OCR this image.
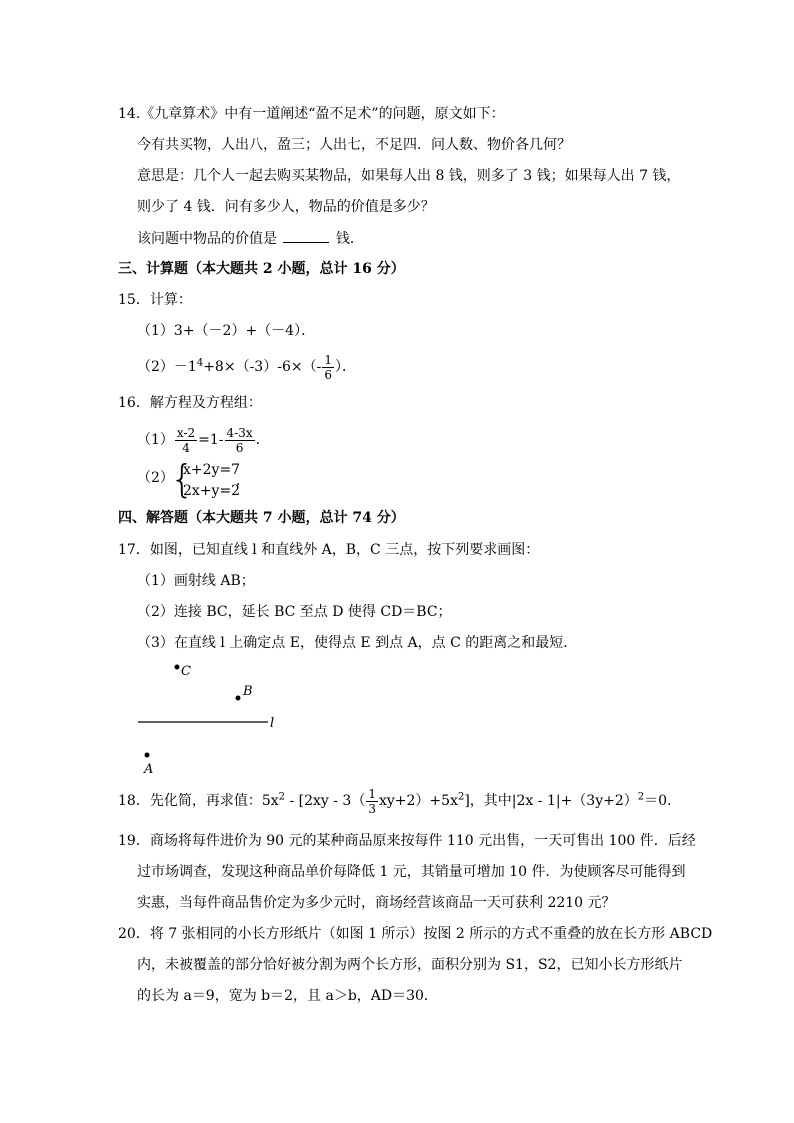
14.《九章算术》中有一道阐述“盈不足术”的问题，原文如下：
今有共买物，人出八，盈三；人出七，不足四．问人数、物价各几何？
意思是：几个人一起去购买某物品，如果每人出 8 钱，则多了 3 钱；如果每人出 7 钱，
则少了 4 钱．问有多少人，物品的价值是多少？
该问题中物品的价值是	钱．
三、计算题（本大题共 2 小题，总计 16 分）
15．计算：
（1）3+（－2）+（－4）．
$(2)-1^4+8\times(-3)-6\times(- \frac{1}{6}$ ）．
16．解方程及方程组：
$(1) \frac{x-2}{4} =1- \frac{4-3x}{6}$ ．
（2）
{
x+2y=7
2x+y=2
．
四、解答题（本大题共 7 小题，总计 74 分）
17．如图，已知直线 l 和直线外 A，B，C 三点，按下列要求画图：
（1）画射线 AB；
（2）连接 BC，延长 BC 至点 D 使得 CD＝BC；
（3）在直线 l 上确定点 E，使得点 E 到点 A，点 C 的距离之和最短．
C
B
l
A
18．先化简，再求值：$5x^2 - [2xy - 3( \frac{1}{3} xy+2)+5x^2]$，其中$|2x - 1|+(3y+2)^2=0$．
19．商场将每件进价为 90 元的某种商品原来按每件 110 元出售，一天可售出 100 件．后经
过市场调查，发现这种商品单价每降低 1 元，其销量可增加 10 件．为使顾客尽可能得到
实惠，当每件商品售价定为多少元时，商场经营该商品一天可获利 2210 元？
20．将 7 张相同的小长方形纸片（如图 1 所示）按图 2 所示的方式不重叠的放在长方形 ABCD
内，未被覆盖的部分恰好被分割为两个长方形，面积分别为 S1，S2，已知小长方形纸片
的长为 a＝9，宽为 b＝2，且 a＞b，AD＝30．
